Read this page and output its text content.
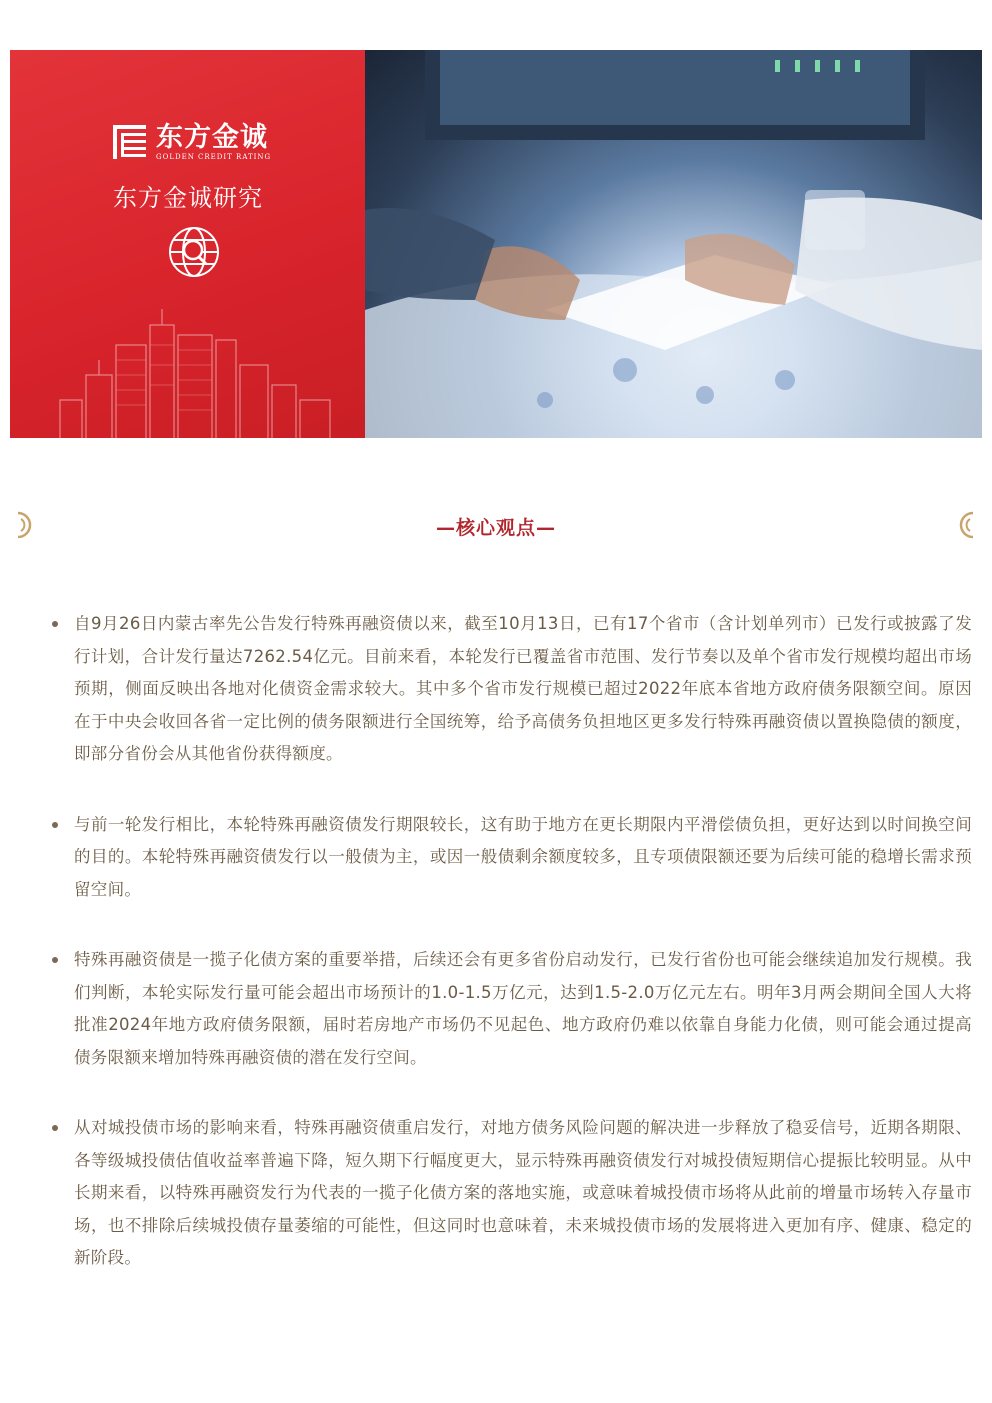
东方金诚
GOLDEN CREDIT RATING
东方金诚研究
—核心观点—
自9月26日内蒙古率先公告发行特殊再融资债以来，截至10月13日，已有17个省市（含计划单列市）已发行或披露了发行计划，合计发行量达7262.54亿元。目前来看，本轮发行已覆盖省市范围、发行节奏以及单个省市发行规模均超出市场预期，侧面反映出各地对化债资金需求较大。其中多个省市发行规模已超过2022年底本省地方政府债务限额空间。原因在于中央会收回各省一定比例的债务限额进行全国统筹，给予高债务负担地区更多发行特殊再融资债以置换隐债的额度，即部分省份会从其他省份获得额度。
与前一轮发行相比，本轮特殊再融资债发行期限较长，这有助于地方在更长期限内平滑偿债负担，更好达到以时间换空间的目的。本轮特殊再融资债发行以一般债为主，或因一般债剩余额度较多，且专项债限额还要为后续可能的稳增长需求预留空间。
特殊再融资债是一揽子化债方案的重要举措，后续还会有更多省份启动发行，已发行省份也可能会继续追加发行规模。我们判断，本轮实际发行量可能会超出市场预计的1.0-1.5万亿元，达到1.5-2.0万亿元左右。明年3月两会期间全国人大将批准2024年地方政府债务限额，届时若房地产市场仍不见起色、地方政府仍难以依靠自身能力化债，则可能会通过提高债务限额来增加特殊再融资债的潜在发行空间。
从对城投债市场的影响来看，特殊再融资债重启发行，对地方债务风险问题的解决进一步释放了稳妥信号，近期各期限、各等级城投债估值收益率普遍下降，短久期下行幅度更大，显示特殊再融资债发行对城投债短期信心提振比较明显。从中长期来看，以特殊再融资发行为代表的一揽子化债方案的落地实施，或意味着城投债市场将从此前的增量市场转入存量市场，也不排除后续城投债存量萎缩的可能性，但这同时也意味着，未来城投债市场的发展将进入更加有序、健康、稳定的新阶段。
